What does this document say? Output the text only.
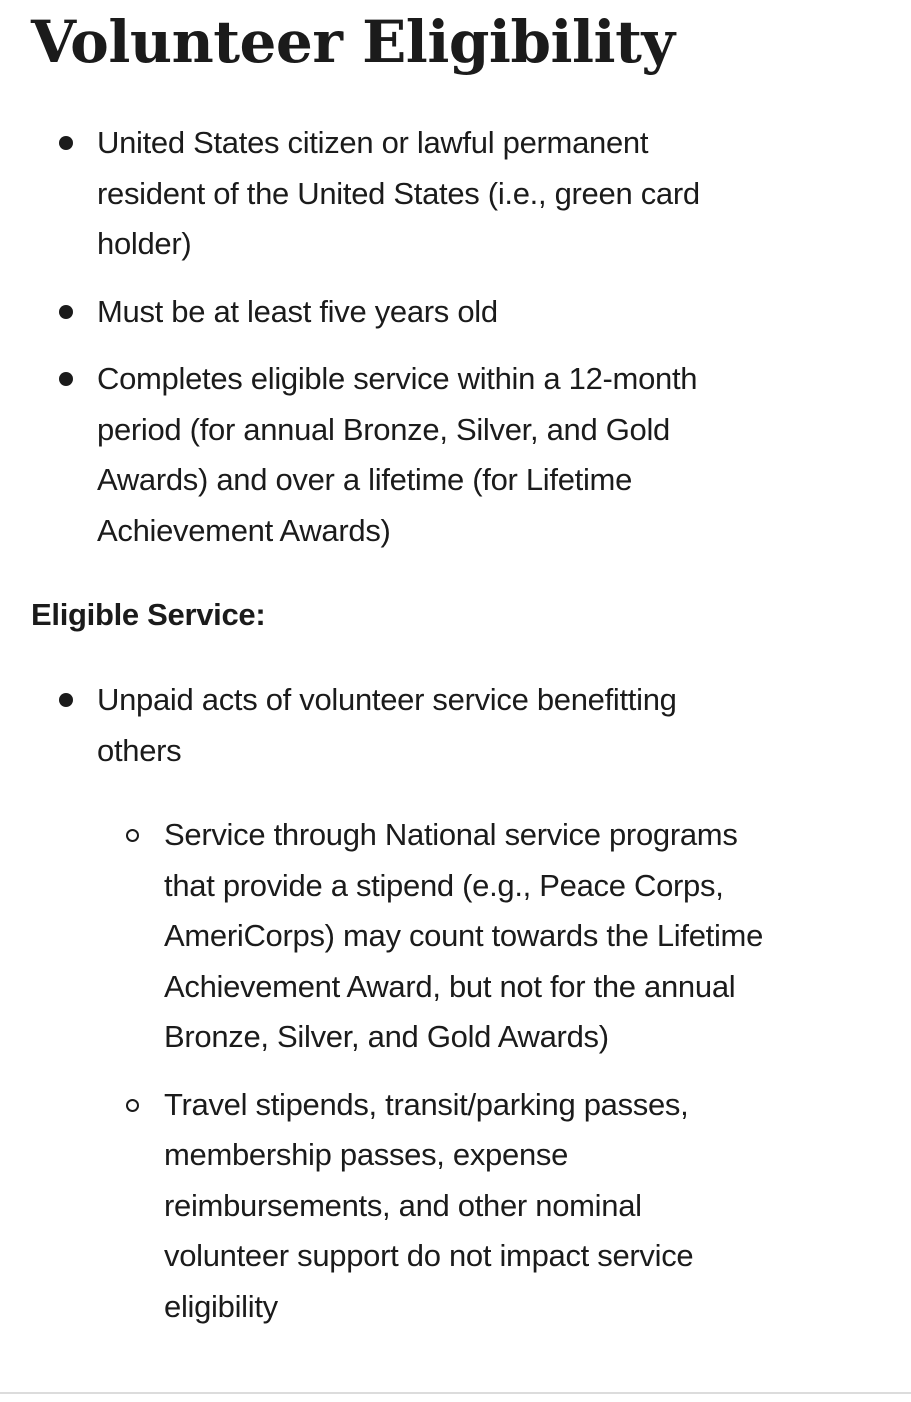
Volunteer Eligibility
United States citizen or lawful permanent resident of the United States (i.e., green card holder)
Must be at least five years old
Completes eligible service within a 12-month period (for annual Bronze, Silver, and Gold Awards) and over a lifetime (for Lifetime Achievement Awards)
Eligible Service:
Unpaid acts of volunteer service benefitting others
Service through National service programs that provide a stipend (e.g., Peace Corps, AmeriCorps) may count towards the Lifetime Achievement Award, but not for the annual Bronze, Silver, and Gold Awards)
Travel stipends, transit/parking passes, membership passes, expense reimbursements, and other nominal volunteer support do not impact service eligibility
